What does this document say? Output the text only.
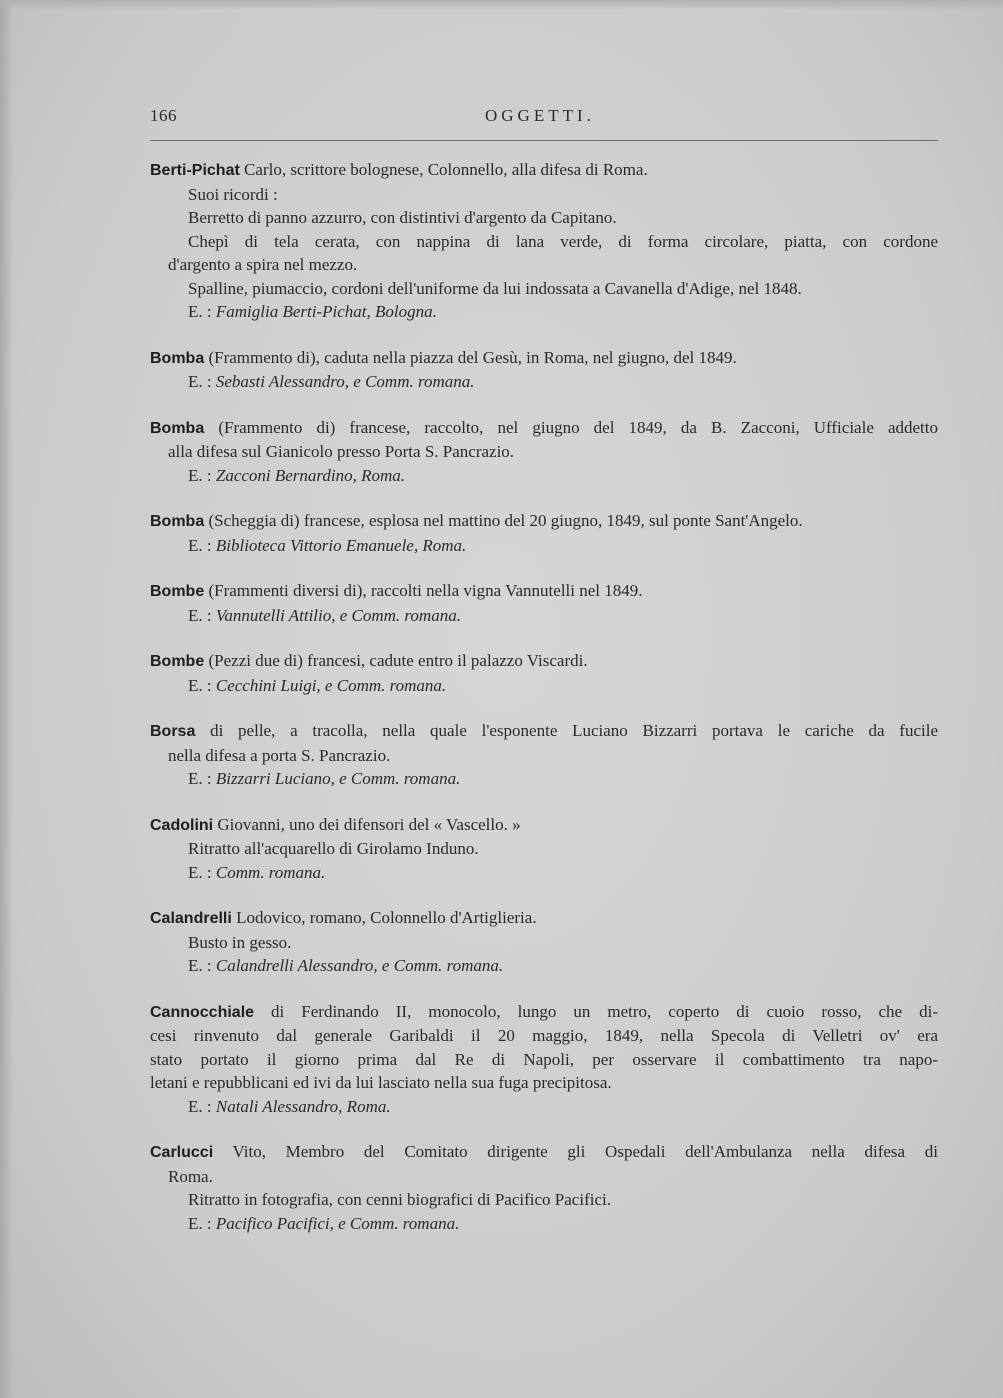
166	OGGETTI.
Berti-Pichat Carlo, scrittore bolognese, Colonnello, alla difesa di Roma.
Suoi ricordi :
Berretto di panno azzurro, con distintivi d'argento da Capitano.
Chepì di tela cerata, con nappina di lana verde, di forma circolare, piatta, con cordone
d'argento a spira nel mezzo.
Spalline, piumaccio, cordoni dell'uniforme da lui indossata a Cavanella d'Adige, nel 1848.
E. : Famiglia Berti-Pichat, Bologna.
Bomba (Frammento di), caduta nella piazza del Gesù, in Roma, nel giugno, del 1849.
E. : Sebasti Alessandro, e Comm. romana.
Bomba (Frammento di) francese, raccolto, nel giugno del 1849, da B. Zacconi, Ufficiale addetto
alla difesa sul Gianicolo presso Porta S. Pancrazio.
E. : Zacconi Bernardino, Roma.
Bomba (Scheggia di) francese, esplosa nel mattino del 20 giugno, 1849, sul ponte Sant'Angelo.
E. : Biblioteca Vittorio Emanuele, Roma.
Bombe (Frammenti diversi di), raccolti nella vigna Vannutelli nel 1849.
E. : Vannutelli Attilio, e Comm. romana.
Bombe (Pezzi due di) francesi, cadute entro il palazzo Viscardi.
E. : Cecchini Luigi, e Comm. romana.
Borsa di pelle, a tracolla, nella quale l'esponente Luciano Bizzarri portava le cariche da fucile
nella difesa a porta S. Pancrazio.
E. : Bizzarri Luciano, e Comm. romana.
Cadolini Giovanni, uno dei difensori del « Vascello. »
Ritratto all'acquarello di Girolamo Induno.
E. : Comm. romana.
Calandrelli Lodovico, romano, Colonnello d'Artiglieria.
Busto in gesso.
E. : Calandrelli Alessandro, e Comm. romana.
Cannocchiale di Ferdinando II, monocolo, lungo un metro, coperto di cuoio rosso, che di-
cesi rinvenuto dal generale Garibaldi il 20 maggio, 1849, nella Specola di Velletri ov' era
stato portato il giorno prima dal Re di Napoli, per osservare il combattimento tra napo-
letani e repubblicani ed ivi da lui lasciato nella sua fuga precipitosa.
E. : Natali Alessandro, Roma.
Carlucci Vito, Membro del Comitato dirigente gli Ospedali dell'Ambulanza nella difesa di
Roma.
Ritratto in fotografia, con cenni biografici di Pacifico Pacifici.
E. : Pacifico Pacifici, e Comm. romana.
